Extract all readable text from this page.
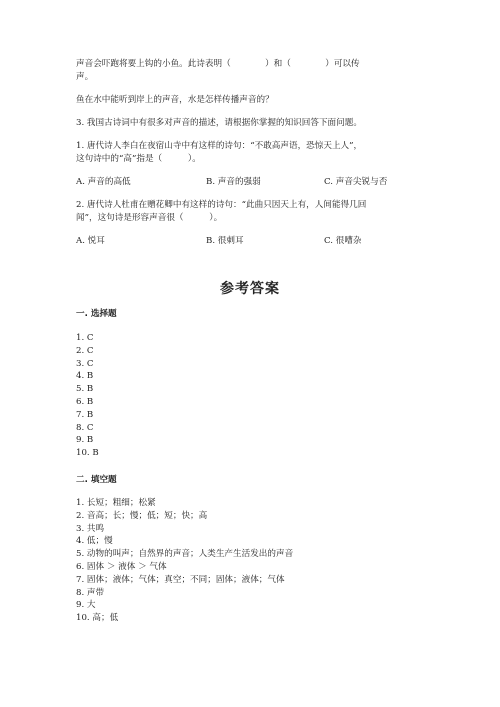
声音会吓跑将要上钩的小鱼。此诗表明（　　　　）和（　　　　）可以传

声。

鱼在水中能听到岸上的声音，水是怎样传播声音的？

3. 我国古诗词中有很多对声音的描述，请根据你掌握的知识回答下面问题。

1. 唐代诗人李白在夜宿山寺中有这样的诗句：“不敢高声语，恐惊天上人”，

这句诗中的“高”指是（　　　）。

A. 声音的高低	B. 声音的强弱	C. 声音尖锐与否

2. 唐代诗人杜甫在赠花卿中有这样的诗句：“此曲只因天上有，人间能得几回

闻”，这句诗是形容声音很（　　　）。

A. 悦耳	B. 很刺耳	C. 很嘈杂
参考答案
一. 选择题
1. C
2. C
3. C
4. B
5. B
6. B
7. B
8. C
9. B
10. B
二. 填空题
1. 长短；粗细；松紧
2. 音高；长；慢；低；短；快；高
3. 共鸣
4. 低；慢
5. 动物的叫声；自然界的声音；人类生产生活发出的声音
6. 固体 ＞ 液体 ＞ 气体
7. 固体；液体；气体；真空；不同；固体；液体；气体
8. 声带
9. 大
10. 高；低
